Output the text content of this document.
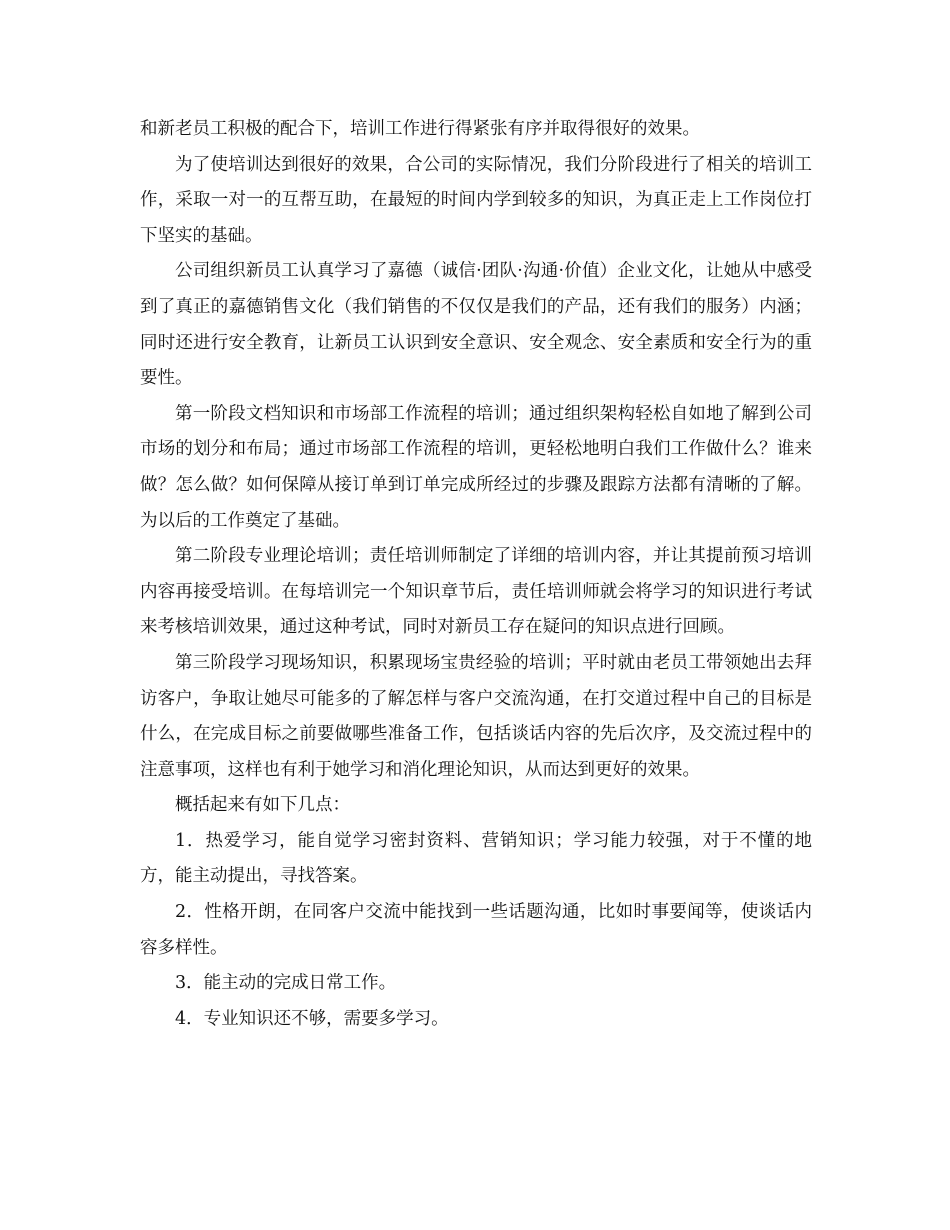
和新老员工积极的配合下，培训工作进行得紧张有序并取得很好的效果。

为了使培训达到很好的效果，合公司的实际情况，我们分阶段进行了相关的培训工作，采取一对一的互帮互助，在最短的时间内学到较多的知识，为真正走上工作岗位打下坚实的基础。

公司组织新员工认真学习了嘉德（诚信·团队·沟通·价值）企业文化，让她从中感受到了真正的嘉德销售文化（我们销售的不仅仅是我们的产品，还有我们的服务）内涵；同时还进行安全教育，让新员工认识到安全意识、安全观念、安全素质和安全行为的重要性。

第一阶段文档知识和市场部工作流程的培训；通过组织架构轻松自如地了解到公司市场的划分和布局；通过市场部工作流程的培训，更轻松地明白我们工作做什么？谁来做？怎么做？如何保障从接订单到订单完成所经过的步骤及跟踪方法都有清晰的了解。为以后的工作奠定了基础。

第二阶段专业理论培训；责任培训师制定了详细的培训内容，并让其提前预习培训内容再接受培训。在每培训完一个知识章节后，责任培训师就会将学习的知识进行考试来考核培训效果，通过这种考试，同时对新员工存在疑问的知识点进行回顾。

第三阶段学习现场知识，积累现场宝贵经验的培训；平时就由老员工带领她出去拜访客户，争取让她尽可能多的了解怎样与客户交流沟通，在打交道过程中自己的目标是什么，在完成目标之前要做哪些准备工作，包括谈话内容的先后次序，及交流过程中的注意事项，这样也有利于她学习和消化理论知识，从而达到更好的效果。

概括起来有如下几点：

1．热爱学习，能自觉学习密封资料、营销知识；学习能力较强，对于不懂的地方，能主动提出，寻找答案。

2．性格开朗，在同客户交流中能找到一些话题沟通，比如时事要闻等，使谈话内容多样性。

3．能主动的完成日常工作。

4．专业知识还不够，需要多学习。
